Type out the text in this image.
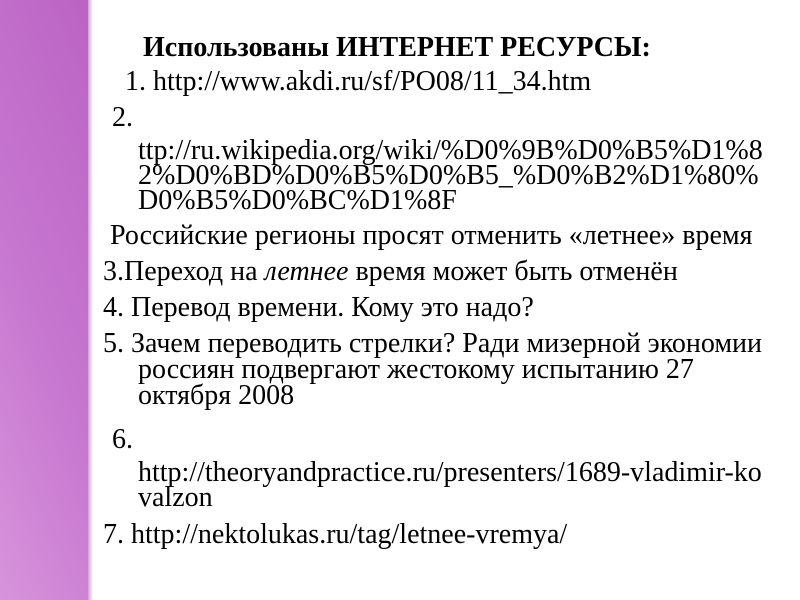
Использованы ИНТЕРНЕТ РЕСУРСЫ:

1. http://www.akdi.ru/sf/PO08/11_34.htm

2.

ttp://ru.wikipedia.org/wiki/%D0%9B%D0%B5%D1%82%D0%BD%D0%B5%D0%B5_%D0%B2%D1%80%D0%B5%D0%BC%D1%8F

Российские регионы просят отменить «летнее» время

3.Переход на летнее время может быть отменён

4. Перевод времени. Кому это надо?

5. Зачем переводить стрелки? Ради мизерной экономии россиян подвергают жестокому испытанию 27 октября 2008

6.

http://theoryandpractice.ru/presenters/1689-vladimir-kovalzon

7. http://nektolukas.ru/tag/letnee-vremya/
